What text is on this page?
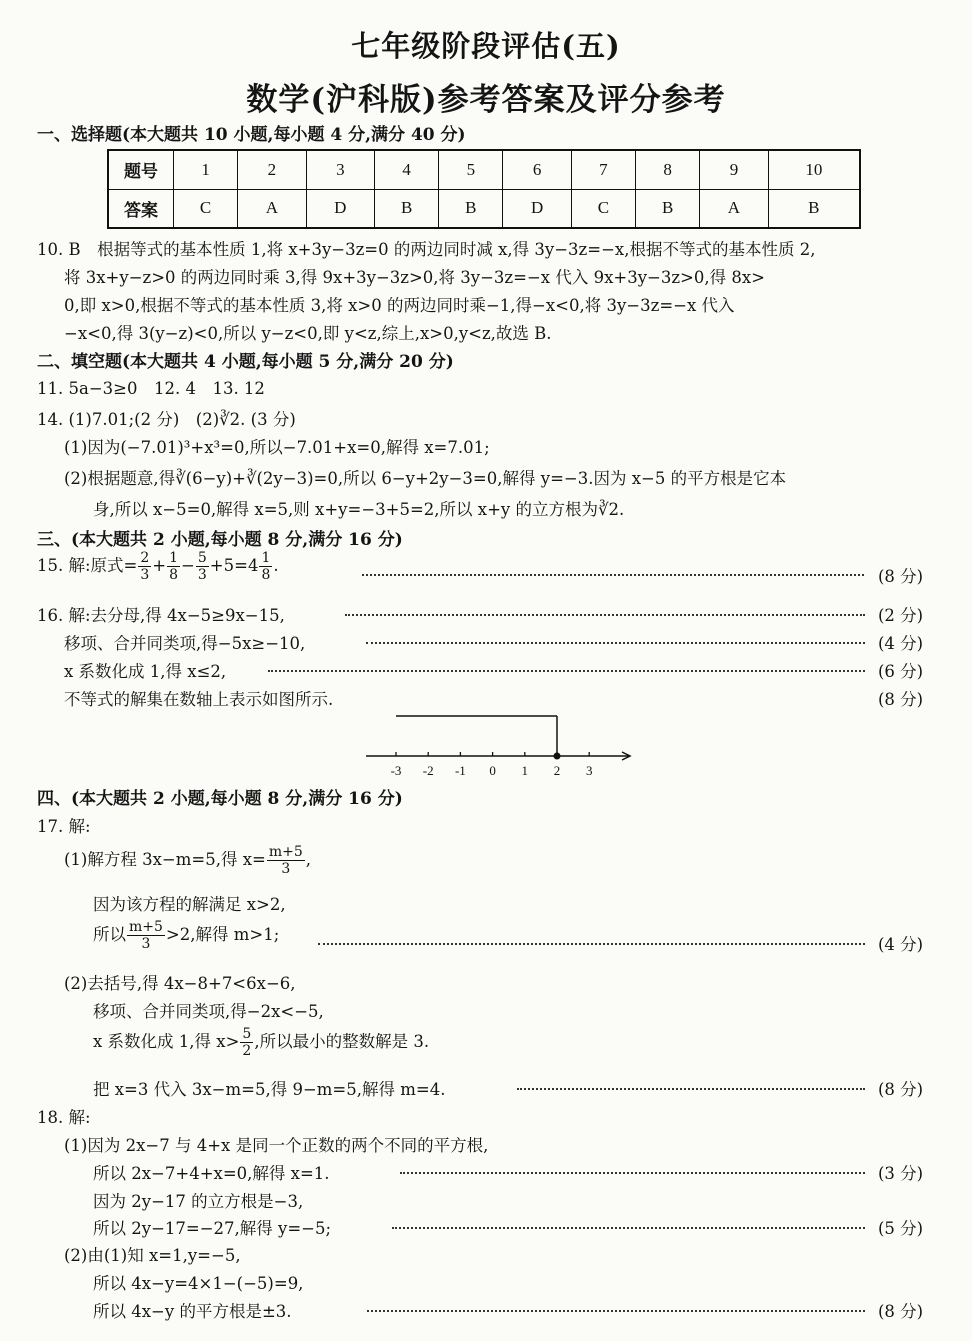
七年级阶段评估(五)
数学(沪科版)参考答案及评分参考
一、选择题(本大题共 10 小题,每小题 4 分,满分 40 分)
题号	1	2	3	4	5	6	7	8	9	10
答案	C	A	D	B	B	D	C	B	A	B
10. B　根据等式的基本性质 1,将 x+3y−3z=0 的两边同时减 x,得 3y−3z=−x,根据不等式的基本性质 2,
将 3x+y−z>0 的两边同时乘 3,得 9x+3y−3z>0,将 3y−3z=−x 代入 9x+3y−3z>0,得 8x>
0,即 x>0,根据不等式的基本性质 3,将 x>0 的两边同时乘−1,得−x<0,将 3y−3z=−x 代入
−x<0,得 3(y−z)<0,所以 y−z<0,即 y<z,综上,x>0,y<z,故选 B.
二、填空题(本大题共 4 小题,每小题 5 分,满分 20 分)
11. 5a−3≥0　12. 4　13. 12
14. (1)7.01;(2 分)　(2)∛2. (3 分)
(1)因为(−7.01)³+x³=0,所以−7.01+x=0,解得 x=7.01;
(2)根据题意,得∛(6−y)+∛(2y−3)=0,所以 6−y+2y−3=0,解得 y=−3.因为 x−5 的平方根是它本
身,所以 x−5=0,解得 x=5,则 x+y=−3+5=2,所以 x+y 的立方根为∛2.
三、(本大题共 2 小题,每小题 8 分,满分 16 分)
15. 解:原式= $\frac{2}{3} + \frac{1}{8} - \frac{5}{3} +5=4 \frac{1}{8}$ .
(8 分)
16. 解:去分母,得 4x−5≥9x−15,	(2 分)
移项、合并同类项,得−5x≥−10,	(4 分)
x 系数化成 1,得 x≤2,	(6 分)
不等式的解集在数轴上表示如图所示.	(8 分)
-3 -2 -1 0 1 2 3
四、(本大题共 2 小题,每小题 8 分,满分 16 分)
17. 解:
(1)解方程 3x−m=5,得 $x= \frac{m+5}{3}$ ,
因为该方程的解满足 x>2,
所以 $\frac{m+5}{3} >2$,解得 m>1;
(4 分)
(2)去括号,得 4x−8+7<6x−6,
移项、合并同类项,得−2x<−5,
x 系数化成 1,得 $x> \frac{5}{2}$ ,所以最小的整数解是 3.
把 x=3 代入 3x−m=5,得 9−m=5,解得 m=4.	(8 分)
18. 解:
(1)因为 2x−7 与 4+x 是同一个正数的两个不同的平方根,
所以 2x−7+4+x=0,解得 x=1.	(3 分)
因为 2y−17 的立方根是−3,
所以 2y−17=−27,解得 y=−5;	(5 分)
(2)由(1)知 x=1,y=−5,
所以 4x−y=4×1−(−5)=9,
所以 4x−y 的平方根是±3.	(8 分)
